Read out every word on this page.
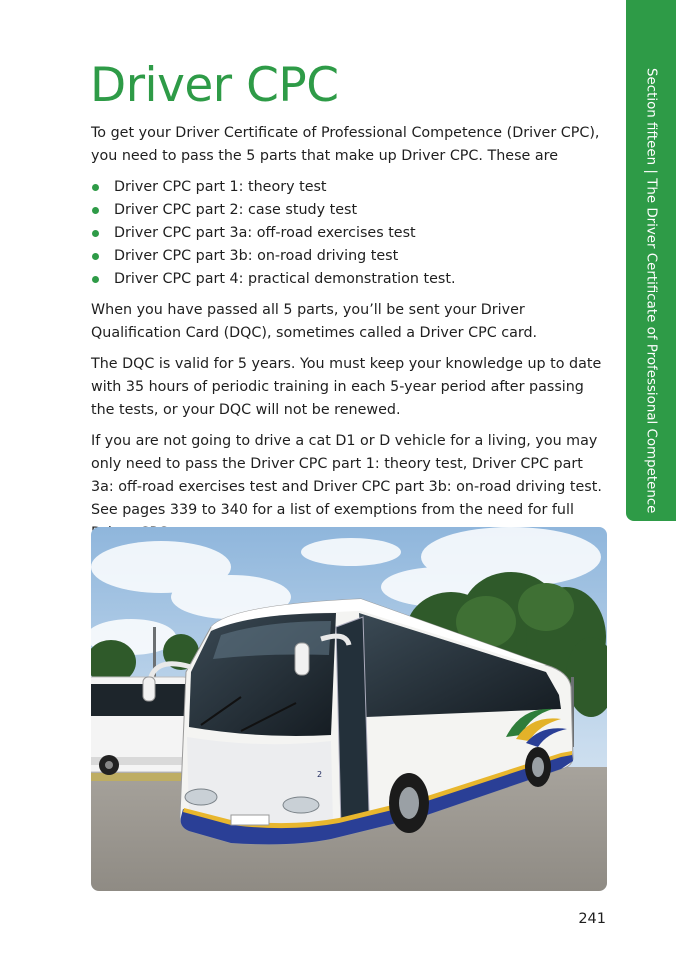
Section fifteen | The Driver Certificate of Professional Competence
Driver CPC

To get your Driver Certificate of Professional Competence (Driver CPC), you need to pass the 5 parts that make up Driver CPC. These are

Driver CPC part 1: theory test
Driver CPC part 2: case study test
Driver CPC part 3a: off-road exercises test
Driver CPC part 3b: on-road driving test
Driver CPC part 4: practical demonstration test.

When you have passed all 5 parts, you’ll be sent your Driver Qualification Card (DQC), sometimes called a Driver CPC card.

The DQC is valid for 5 years. You must keep your knowledge up to date with 35 hours of periodic training in each 5-year period after passing the tests, or your DQC will not be renewed.

If you are not going to drive a cat D1 or D vehicle for a living, you may only need to pass the Driver CPC part 1: theory test, Driver CPC part 3a: off-road exercises test and Driver CPC part 3b: on-road driving test. See pages 339 to 340 for a list of exemptions from the need for full

2
241
